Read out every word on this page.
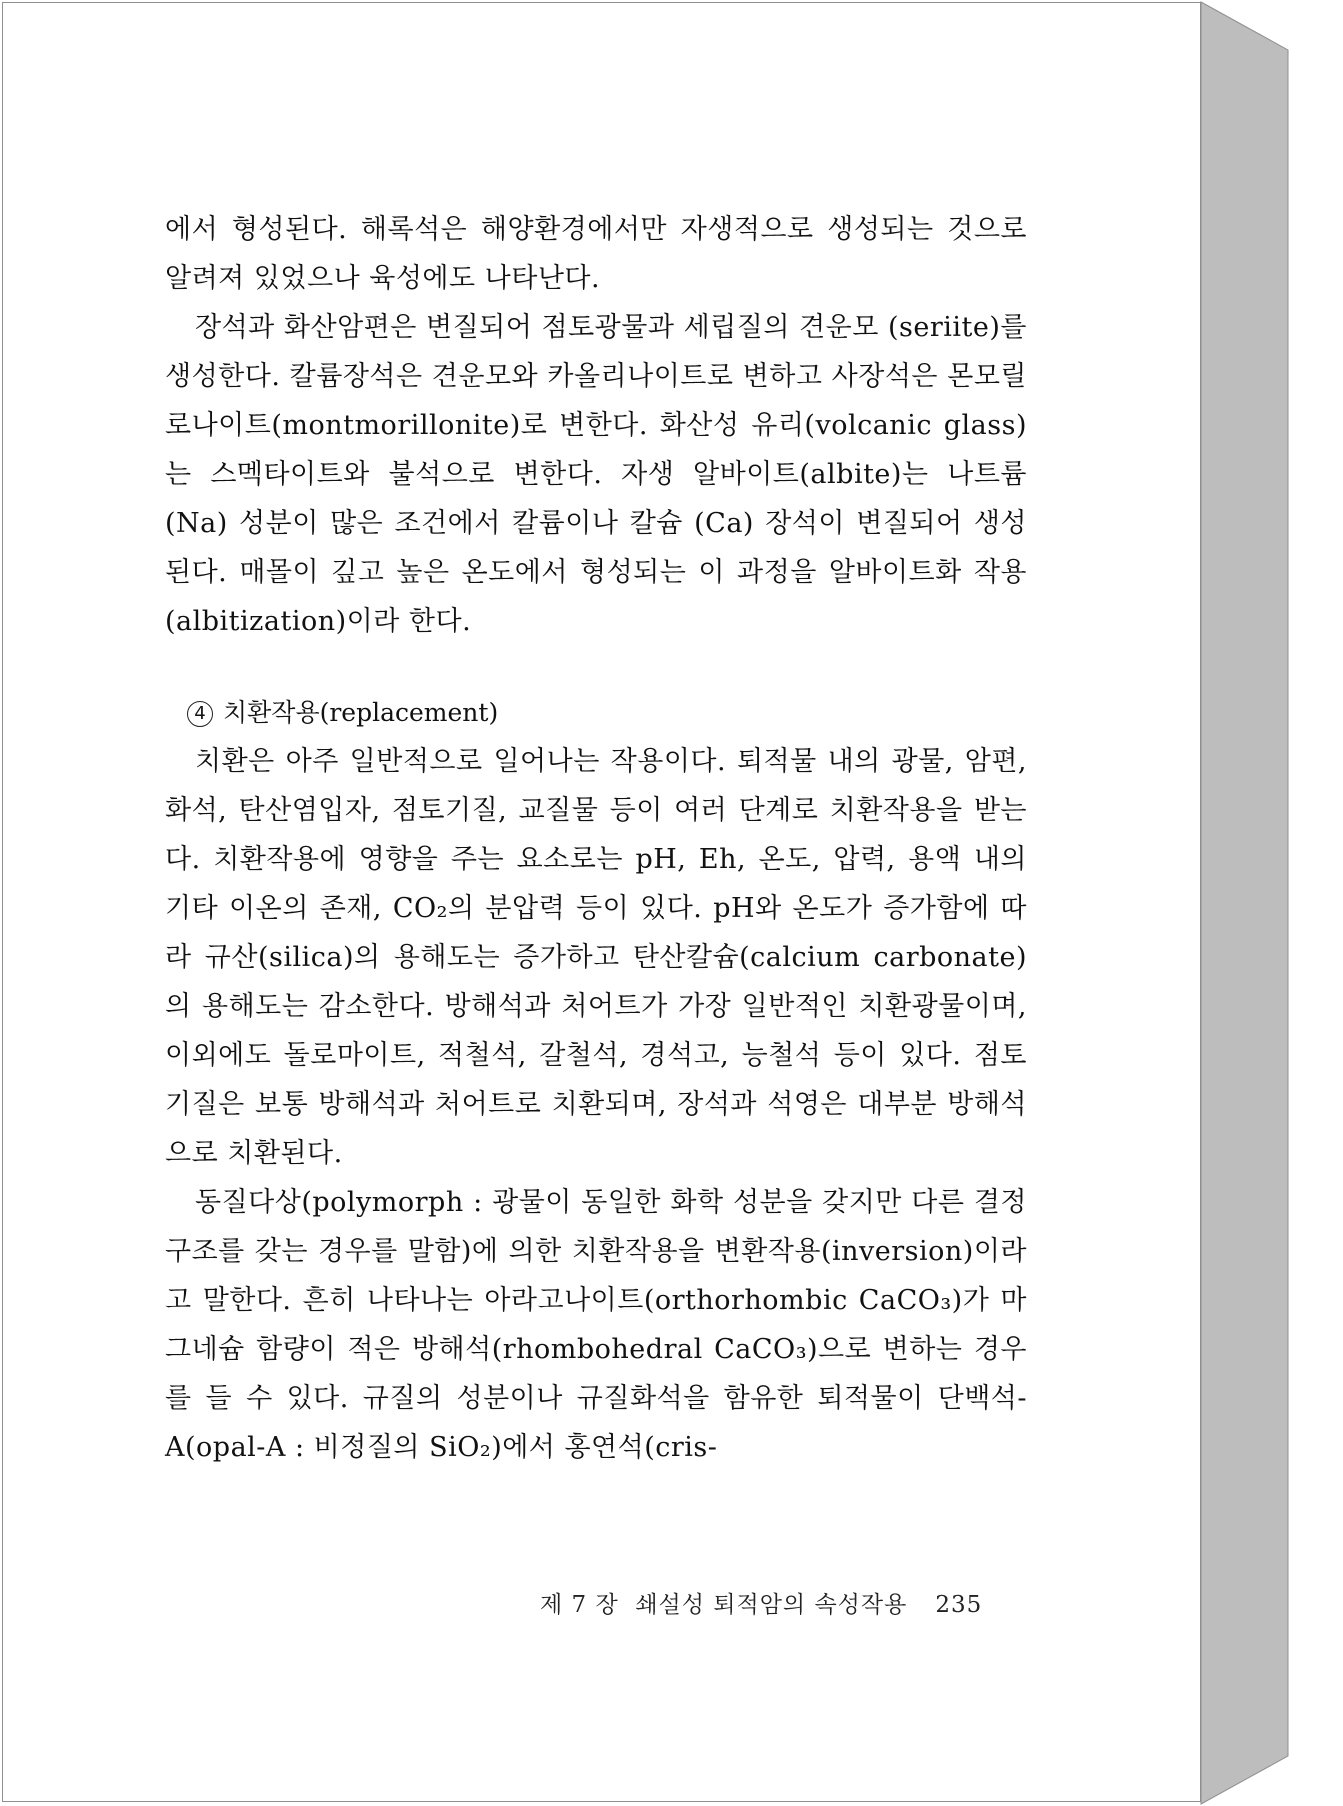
에서 형성된다. 해록석은 해양환경에서만 자생적으로 생성되는 것으로 알려져 있었으나 육성에도 나타난다.

장석과 화산암편은 변질되어 점토광물과 세립질의 견운모 (seriite)를 생성한다. 칼륨장석은 견운모와 카올리나이트로 변하고 사장석은 몬모릴로나이트(montmorillonite)로 변한다. 화산성 유리(volcanic glass)는 스멕타이트와 불석으로 변한다. 자생 알바이트(albite)는 나트륨(Na) 성분이 많은 조건에서 칼륨이나 칼슘 (Ca) 장석이 변질되어 생성된다. 매몰이 깊고 높은 온도에서 형성되는 이 과정을 알바이트화 작용(albitization)이라 한다.

4 치환작용(replacement)

치환은 아주 일반적으로 일어나는 작용이다. 퇴적물 내의 광물, 암편, 화석, 탄산염입자, 점토기질, 교질물 등이 여러 단계로 치환작용을 받는다. 치환작용에 영향을 주는 요소로는 pH, Eh, 온도, 압력, 용액 내의 기타 이온의 존재, CO₂의 분압력 등이 있다. pH와 온도가 증가함에 따라 규산(silica)의 용해도는 증가하고 탄산칼슘(calcium carbonate)의 용해도는 감소한다. 방해석과 처어트가 가장 일반적인 치환광물이며, 이외에도 돌로마이트, 적철석, 갈철석, 경석고, 능철석 등이 있다. 점토기질은 보통 방해석과 처어트로 치환되며, 장석과 석영은 대부분 방해석으로 치환된다.

동질다상(polymorph : 광물이 동일한 화학 성분을 갖지만 다른 결정구조를 갖는 경우를 말함)에 의한 치환작용을 변환작용(inversion)이라고 말한다. 흔히 나타나는 아라고나이트(orthorhombic CaCO₃)가 마그네슘 함량이 적은 방해석(rhombohedral CaCO₃)으로 변하는 경우를 들 수 있다. 규질의 성분이나 규질화석을 함유한 퇴적물이 단백석-A(opal-A : 비정질의 SiO₂)에서 홍연석(cris-

제 7 장  쇄설성 퇴적암의 속성작용 235
